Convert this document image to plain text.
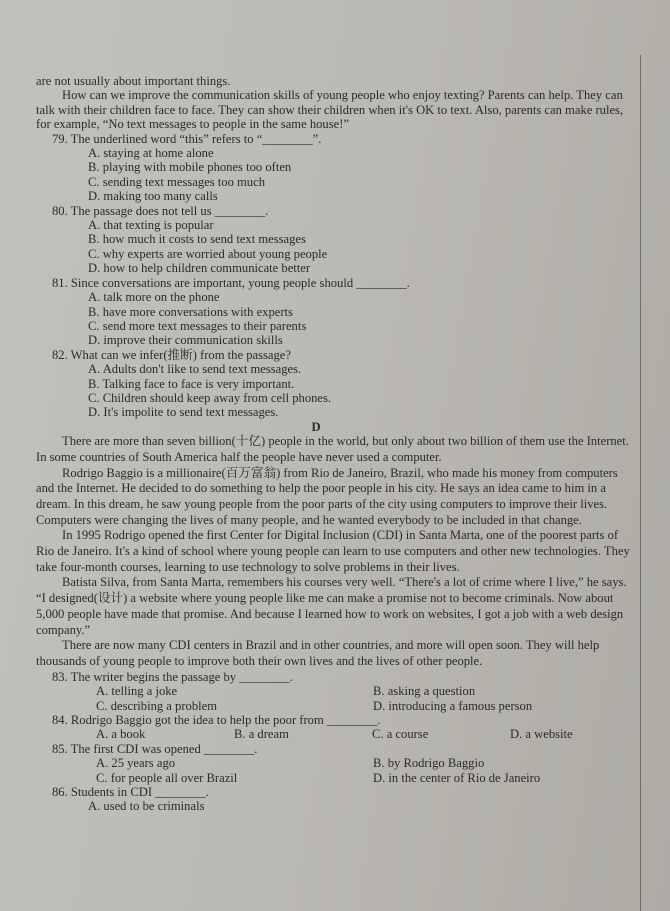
are not usually about important things.

How can we improve the communication skills of young people who enjoy texting? Parents can help. They can talk with their children face to face. They can show their children when it's OK to text. Also, parents can make rules, for example, “No text messages to people in the same house!”

79. The underlined word “this” refers to “________”.

A. staying at home alone

B. playing with mobile phones too often

C. sending text messages too much

D. making too many calls

80. The passage does not tell us ________.

A. that texting is popular

B. how much it costs to send text messages

C. why experts are worried about young people

D. how to help children communicate better

81. Since conversations are important, young people should ________.

A. talk more on the phone

B. have more conversations with experts

C. send more text messages to their parents

D. improve their communication skills

82. What can we infer(推断) from the passage?

A. Adults don't like to send text messages.

B. Talking face to face is very important.

C. Children should keep away from cell phones.

D. It's impolite to send text messages.

D

There are more than seven billion(十亿) people in the world, but only about two billion of them use the Internet. In some countries of South America half the people have never used a computer.

Rodrigo Baggio is a millionaire(百万富翁) from Rio de Janeiro, Brazil, who made his money from computers and the Internet. He decided to do something to help the poor people in his city. He says an idea came to him in a dream. In this dream, he saw young people from the poor parts of the city using computers to improve their lives. Computers were changing the lives of many people, and he wanted everybody to be included in that change.

In 1995 Rodrigo opened the first Center for Digital Inclusion (CDI) in Santa Marta, one of the poorest parts of Rio de Janeiro. It's a kind of school where young people can learn to use computers and other new technologies. They take four-month courses, learning to use technology to solve problems in their lives.

Batista Silva, from Santa Marta, remembers his courses very well. “There's a lot of crime where I live,” he says. “I designed(设计) a website where young people like me can make a promise not to become criminals. Now about 5,000 people have made that promise. And because I learned how to work on websites, I got a job with a web design company.”

There are now many CDI centers in Brazil and in other countries, and more will open soon. They will help thousands of young people to improve both their own lives and the lives of other people.

83. The writer begins the passage by ________.

A. telling a joke	B. asking a question
C. describing a problem	D. introducing a famous person

84. Rodrigo Baggio got the idea to help the poor from ________.

A. a book	B. a dream	C. a course	D. a website

85. The first CDI was opened ________.

A. 25 years ago	B. by Rodrigo Baggio
C. for people all over Brazil	D. in the center of Rio de Janeiro

86. Students in CDI ________.

A. used to be criminals
